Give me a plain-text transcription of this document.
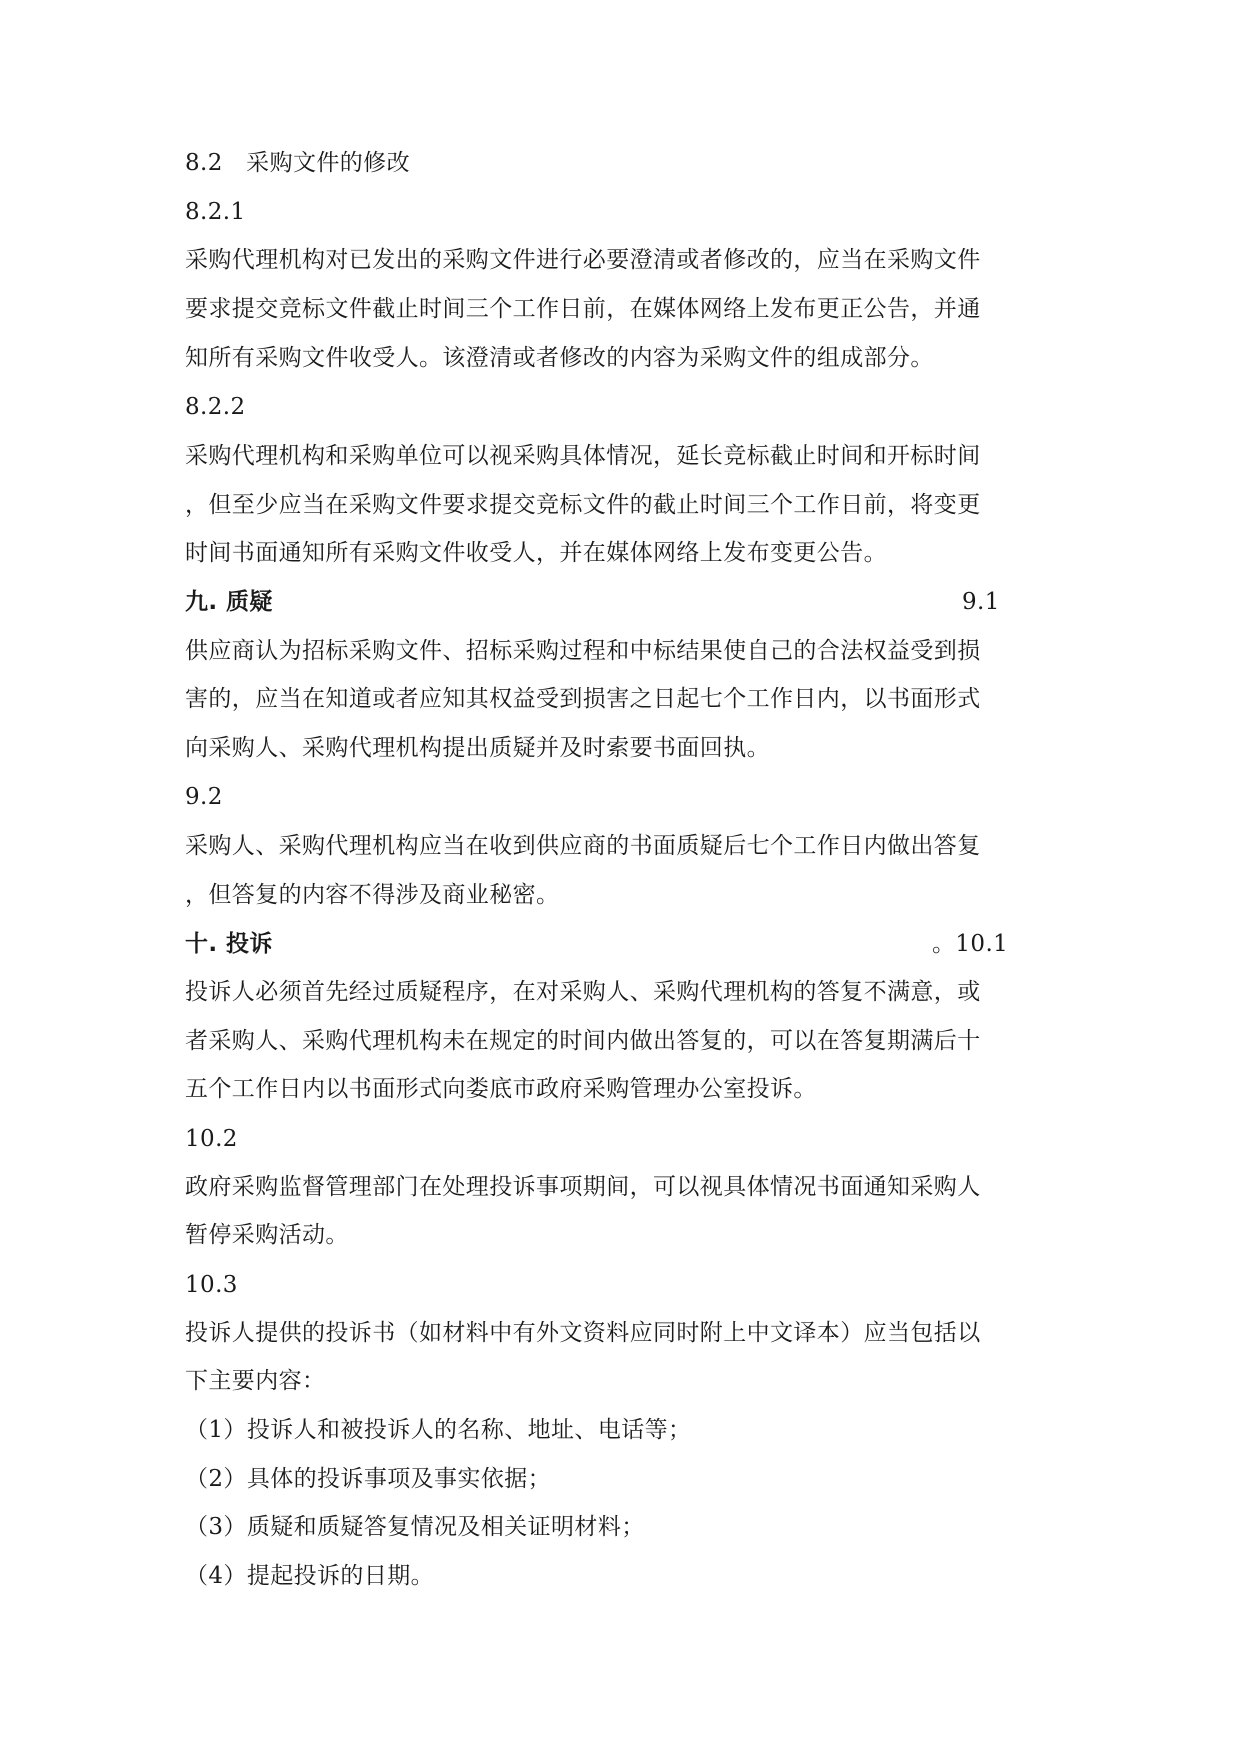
8.2　采购文件的修改
8.2.1
采购代理机构对已发出的采购文件进行必要澄清或者修改的，应当在采购文件
要求提交竞标文件截止时间三个工作日前，在媒体网络上发布更正公告，并通
知所有采购文件收受人。该澄清或者修改的内容为采购文件的组成部分。
8.2.2
采购代理机构和采购单位可以视采购具体情况，延长竞标截止时间和开标时间
，但至少应当在采购文件要求提交竞标文件的截止时间三个工作日前，将变更
时间书面通知所有采购文件收受人，并在媒体网络上发布变更公告。
九. 质疑	9.1
供应商认为招标采购文件、招标采购过程和中标结果使自己的合法权益受到损
害的，应当在知道或者应知其权益受到损害之日起七个工作日内，以书面形式
向采购人、采购代理机构提出质疑并及时索要书面回执。
9.2
采购人、采购代理机构应当在收到供应商的书面质疑后七个工作日内做出答复
，但答复的内容不得涉及商业秘密。
十. 投诉	。10.1
投诉人必须首先经过质疑程序，在对采购人、采购代理机构的答复不满意，或
者采购人、采购代理机构未在规定的时间内做出答复的，可以在答复期满后十
五个工作日内以书面形式向娄底市政府采购管理办公室投诉。
10.2
政府采购监督管理部门在处理投诉事项期间，可以视具体情况书面通知采购人
暂停采购活动。
10.3
投诉人提供的投诉书（如材料中有外文资料应同时附上中文译本）应当包括以
下主要内容：
（1）投诉人和被投诉人的名称、地址、电话等；
（2）具体的投诉事项及事实依据；
（3）质疑和质疑答复情况及相关证明材料；
（4）提起投诉的日期。
